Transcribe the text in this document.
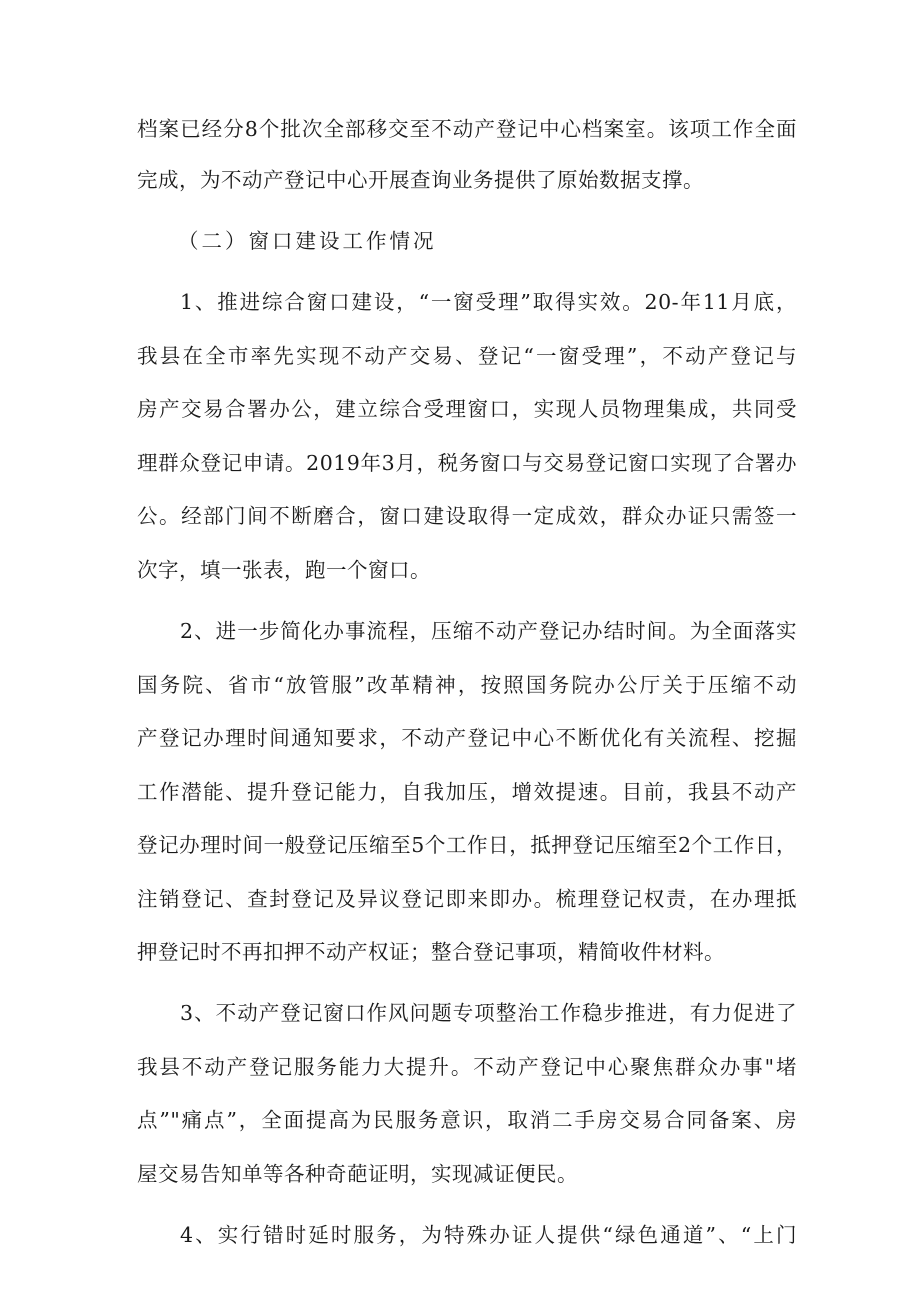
档案已经分8个批次全部移交至不动产登记中心档案室。该项工作全面
完成，为不动产登记中心开展查询业务提供了原始数据支撑。
（二）窗口建设工作情况
1、推进综合窗口建设，“一窗受理”取得实效。20-年11月底，
我县在全市率先实现不动产交易、登记“一窗受理”，不动产登记与
房产交易合署办公，建立综合受理窗口，实现人员物理集成，共同受
理群众登记申请。2019年3月，税务窗口与交易登记窗口实现了合署办
公。经部门间不断磨合，窗口建设取得一定成效，群众办证只需签一
次字，填一张表，跑一个窗口。
2、进一步简化办事流程，压缩不动产登记办结时间。为全面落实
国务院、省市“放管服”改革精神，按照国务院办公厅关于压缩不动
产登记办理时间通知要求，不动产登记中心不断优化有关流程、挖掘
工作潜能、提升登记能力，自我加压，增效提速。目前，我县不动产
登记办理时间一般登记压缩至5个工作日，抵押登记压缩至2个工作日，
注销登记、查封登记及异议登记即来即办。梳理登记权责，在办理抵
押登记时不再扣押不动产权证；整合登记事项，精简收件材料。
3、不动产登记窗口作风问题专项整治工作稳步推进，有力促进了
我县不动产登记服务能力大提升。不动产登记中心聚焦群众办事"堵
点”"痛点”，全面提高为民服务意识，取消二手房交易合同备案、房
屋交易告知单等各种奇葩证明，实现减证便民。
4、实行错时延时服务，为特殊办证人提供“绿色通道”、“上门
